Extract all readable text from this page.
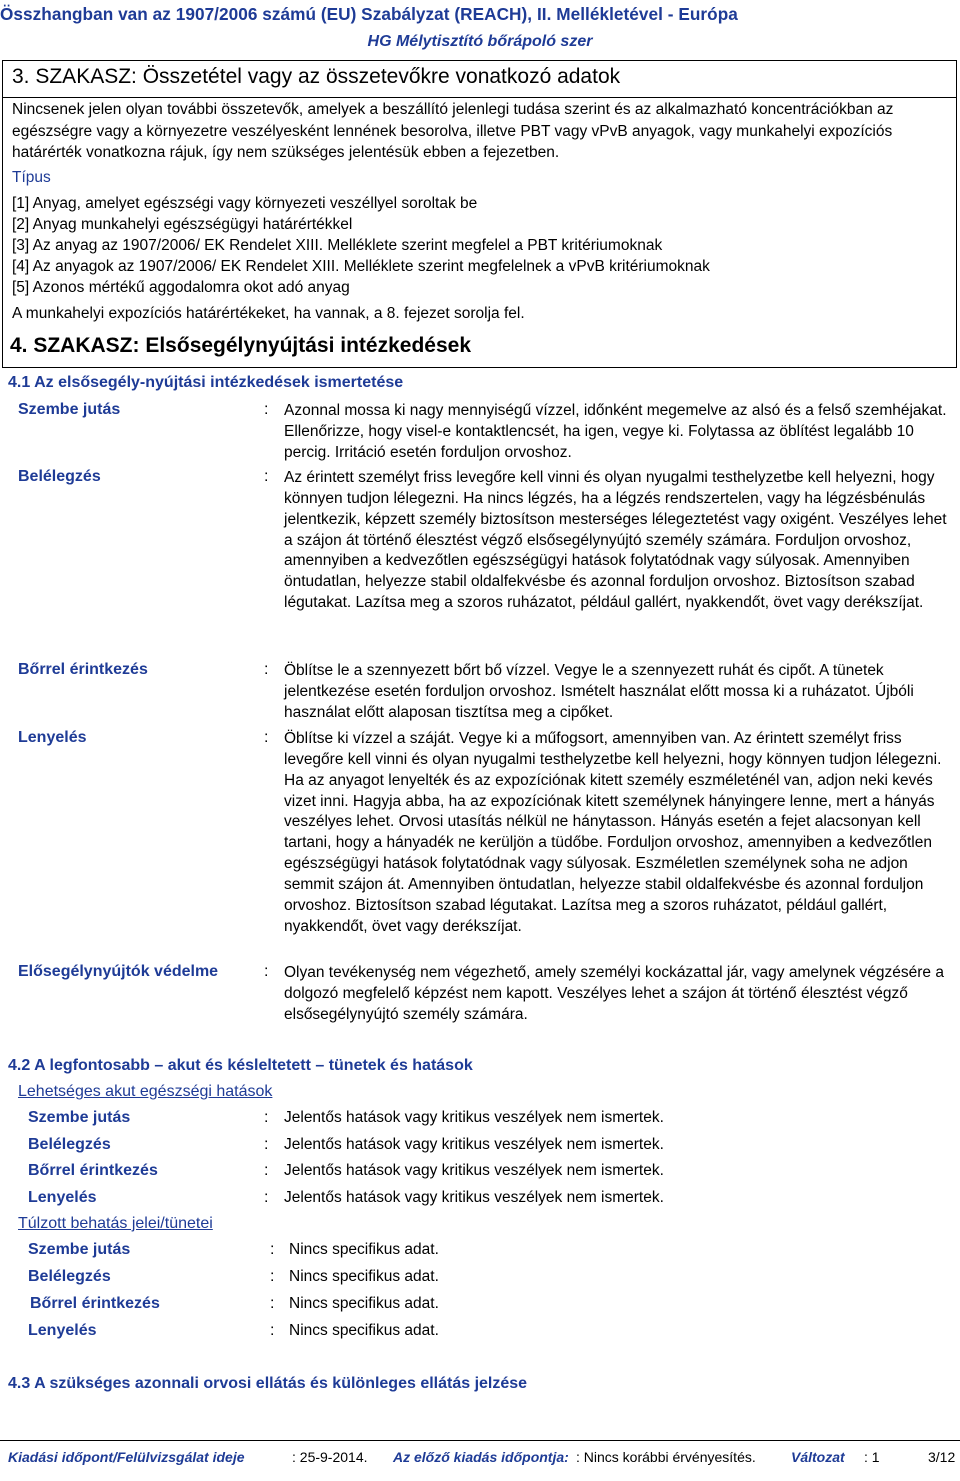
Összhangban van az 1907/2006 számú (EU) Szabályzat (REACH), II. Mellékletével - Európa
HG Mélytisztító bőrápoló szer
3. SZAKASZ: Összetétel vagy az összetevőkre vonatkozó adatok
Nincsenek jelen olyan további összetevők, amelyek a beszállító jelenlegi tudása szerint és az alkalmazható koncentrációkban az egészségre vagy a környezetre veszélyesként lennének besorolva, illetve PBT vagy vPvB anyagok, vagy munkahelyi expozíciós határérték vonatkozna rájuk, így nem szükséges jelentésük ebben a fejezetben.
Típus
[1] Anyag, amelyet egészségi vagy környezeti veszéllyel soroltak be
[2] Anyag munkahelyi egészségügyi határértékkel
[3] Az anyag az 1907/2006/ EK Rendelet XIII. Melléklete szerint megfelel a PBT kritériumoknak
[4] Az anyagok az 1907/2006/ EK Rendelet XIII. Melléklete szerint megfelelnek a vPvB kritériumoknak
[5] Azonos mértékű aggodalomra okot adó anyag
A munkahelyi expozíciós határértékeket, ha vannak, a 8. fejezet sorolja fel.
4. SZAKASZ: Elsősegélynyújtási intézkedések
4.1 Az elsősegély-nyújtási intézkedések ismertetése
Szembe jutás	: Azonnal mossa ki nagy mennyiségű vízzel, időnként megemelve az alsó és a felső szemhéjakat. Ellenőrizze, hogy visel-e kontaktlencsét, ha igen, vegye ki. Folytassa az öblítést legalább 10 percig. Irritáció esetén forduljon orvoshoz.
Belélegzés	: Az érintett személyt friss levegőre kell vinni és olyan nyugalmi testhelyzetbe kell helyezni, hogy könnyen tudjon lélegezni. Ha nincs légzés, ha a légzés rendszertelen, vagy ha légzésbénulás jelentkezik, képzett személy biztosítson mesterséges lélegeztetést vagy oxigént. Veszélyes lehet a szájon át történő élesztést végző elsősegélynyújtó személy számára. Forduljon orvoshoz, amennyiben a kedvezőtlen egészségügyi hatások folytatódnak vagy súlyosak. Amennyiben öntudatlan, helyezze stabil oldalfekvésbe és azonnal forduljon orvoshoz. Biztosítson szabad légutakat. Lazítsa meg a szoros ruházatot, például gallért, nyakkendőt, övet vagy derékszíjat.
Bőrrel érintkezés	: Öblítse le a szennyezett bőrt bő vízzel. Vegye le a szennyezett ruhát és cipőt. A tünetek jelentkezése esetén forduljon orvoshoz. Ismételt használat előtt mossa ki a ruházatot. Újbóli használat előtt alaposan tisztítsa meg a cipőket.
Lenyelés	: Öblítse ki vízzel a száját. Vegye ki a műfogsort, amennyiben van. Az érintett személyt friss levegőre kell vinni és olyan nyugalmi testhelyzetbe kell helyezni, hogy könnyen tudjon lélegezni. Ha az anyagot lenyelték és az expozíciónak kitett személy eszméleténél van, adjon neki kevés vizet inni. Hagyja abba, ha az expozíciónak kitett személynek hányingere lenne, mert a hányás veszélyes lehet. Orvosi utasítás nélkül ne hánytasson. Hányás esetén a fejet alacsonyan kell tartani, hogy a hányadék ne kerüljön a tüdőbe. Forduljon orvoshoz, amennyiben a kedvezőtlen egészségügyi hatások folytatódnak vagy súlyosak. Eszméletlen személynek soha ne adjon semmit szájon át. Amennyiben öntudatlan, helyezze stabil oldalfekvésbe és azonnal forduljon orvoshoz. Biztosítson szabad légutakat. Lazítsa meg a szoros ruházatot, például gallért, nyakkendőt, övet vagy derékszíjat.
Elősegélynyújtók védelme	: Olyan tevékenység nem végezhető, amely személyi kockázattal jár, vagy amelynek végzésére a dolgozó megfelelő képzést nem kapott. Veszélyes lehet a szájon át történő élesztést végző elsősegélynyújtó személy számára.
4.2 A legfontosabb – akut és késleltetett – tünetek és hatások
Lehetséges akut egészségi hatások
Szembe jutás	: Jelentős hatások vagy kritikus veszélyek nem ismertek.
Belélegzés	: Jelentős hatások vagy kritikus veszélyek nem ismertek.
Bőrrel érintkezés	: Jelentős hatások vagy kritikus veszélyek nem ismertek.
Lenyelés	: Jelentős hatások vagy kritikus veszélyek nem ismertek.
Túlzott behatás jelei/tünetei
Szembe jutás	: Nincs specifikus adat.
Belélegzés	: Nincs specifikus adat.
Bőrrel érintkezés	: Nincs specifikus adat.
Lenyelés	: Nincs specifikus adat.
4.3 A szükséges azonnali orvosi ellátás és különleges ellátás jelzése
Kiadási időpont/Felülvizsgálat ideje	: 25-9-2014. Az előző kiadás időpontja: : Nincs korábbi érvényesítés.	Változat : 1	3/12
